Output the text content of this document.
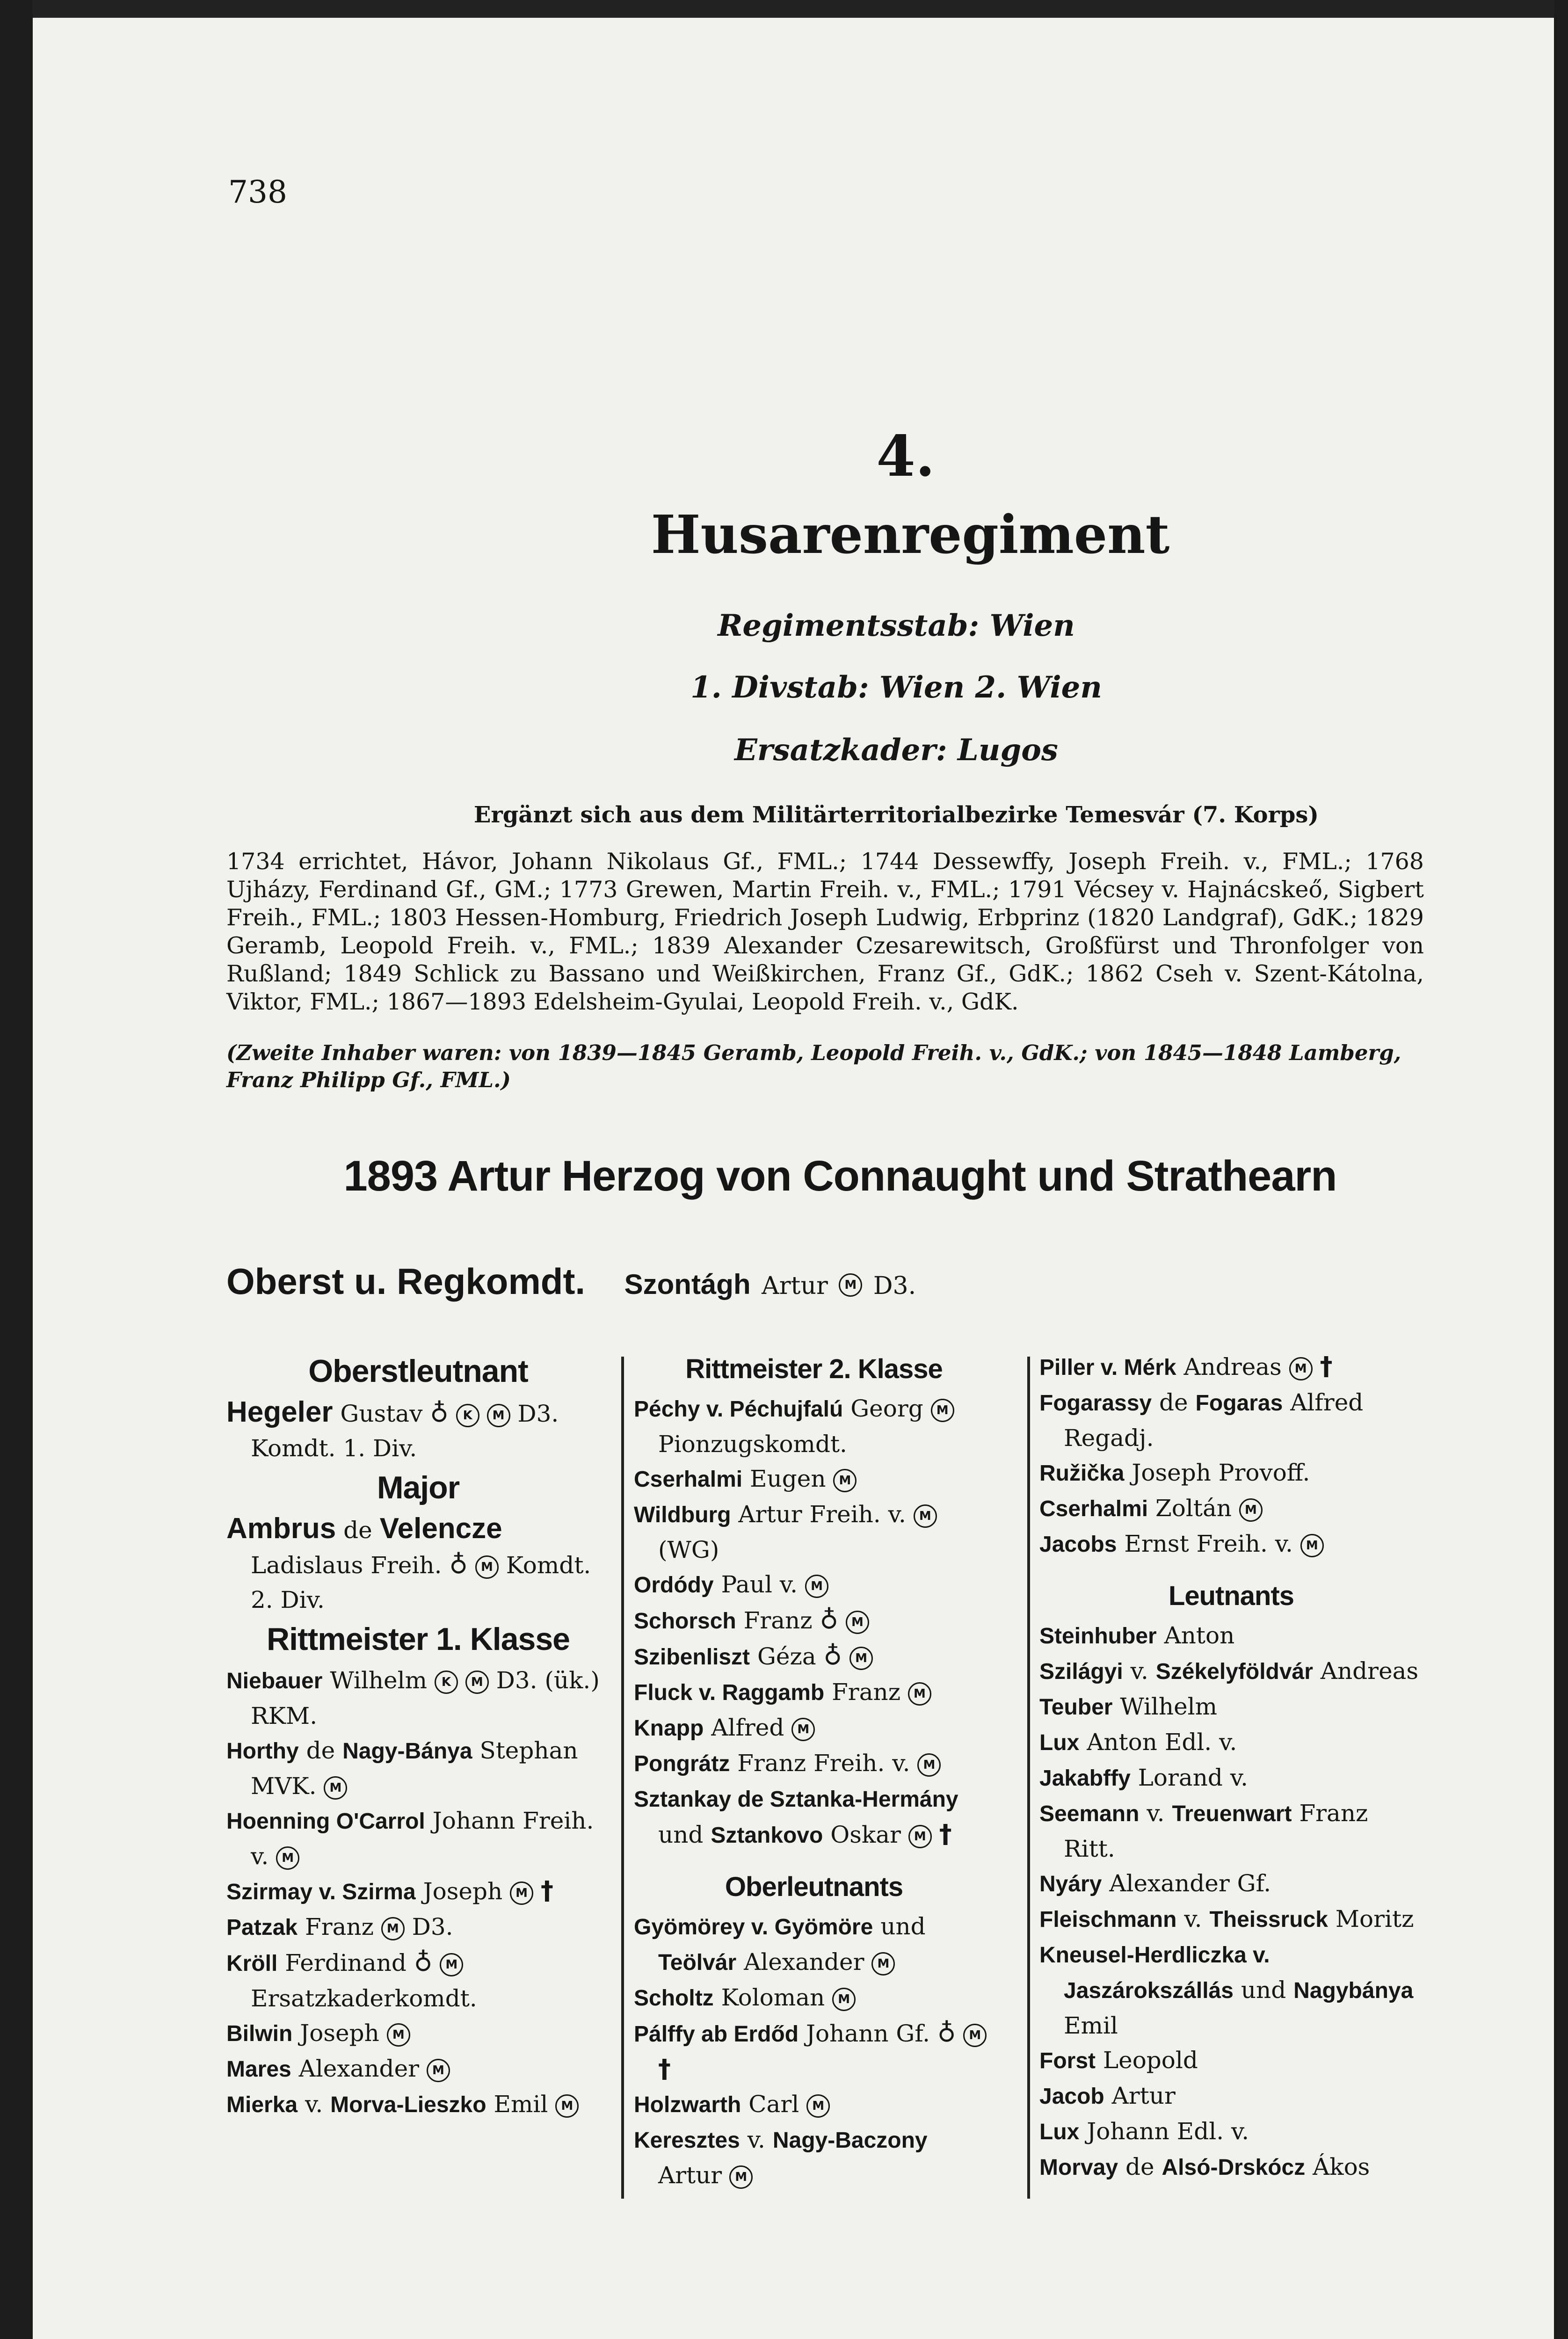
738
4.
Husarenregiment
Regimentsstab: Wien
1. Divstab: Wien 2. Wien
Ersatzkader: Lugos
Ergänzt sich aus dem Militärterritorialbezirke Temesvár (7. Korps)
1734 errichtet, Hávor, Johann Nikolaus Gf., FML.; 1744 Dessewffy, Joseph Freih. v., FML.; 1768 Ujházy, Ferdinand Gf., GM.; 1773 Grewen, Martin Freih. v., FML.; 1791 Vécsey v. Hajnácskeő, Sigbert Freih., FML.; 1803 Hessen-Homburg, Friedrich Joseph Ludwig, Erbprinz (1820 Landgraf), GdK.; 1829 Geramb, Leopold Freih. v., FML.; 1839 Alexander Czesarewitsch, Großfürst und Thronfolger von Rußland; 1849 Schlick zu Bassano und Weißkirchen, Franz Gf., GdK.; 1862 Cseh v. Szent-Kátolna, Viktor, FML.; 1867—1893 Edelsheim-Gyulai, Leopold Freih. v., GdK.
(Zweite Inhaber waren: von 1839—1845 Geramb, Leopold Freih. v., GdK.; von 1845—1848 Lamberg, Franz Philipp Gf., FML.)
1893 Artur Herzog von Connaught und Strathearn
Oberst u. Regkomdt. Szontágh Artur M D3.
Oberstleutnant
Hegeler Gustav ♁ K M D3. Komdt. 1. Div.
Major
Ambrus de Velencze Ladislaus Freih. ♁ M Komdt. 2. Div.
Rittmeister 1. Klasse
Niebauer Wilhelm K M D3. (ük.) RKM.
Horthy de Nagy-Bánya Stephan MVK. M
Hoenning O'Carrol Johann Freih. v. M
Szirmay v. Szirma Joseph M †
Patzak Franz M D3.
Kröll Ferdinand ♁ M Ersatzkaderkomdt.
Bilwin Joseph M
Mares Alexander M
Mierka v. Morva-Lieszko Emil M
Rittmeister 2. Klasse
Péchy v. Péchujfalú Georg M Pionzugskomdt.
Cserhalmi Eugen M
Wildburg Artur Freih. v. M (WG)
Ordódy Paul v. M
Schorsch Franz ♁ M
Szibenliszt Géza ♁ M
Fluck v. Raggamb Franz M
Knapp Alfred M
Pongrátz Franz Freih. v. M
Sztankay de Sztanka-Hermány und Sztankovo Oskar M †
Oberleutnants
Gyömörey v. Gyömöre und Teölvár Alexander M
Scholtz Koloman M
Pálffy ab Erdőd Johann Gf. ♁ M †
Holzwarth Carl M
Keresztes v. Nagy-Baczony Artur M
Piller v. Mérk Andreas M †
Fogarassy de Fogaras Alfred Regadj.
Ružička Joseph Provoff.
Cserhalmi Zoltán M
Jacobs Ernst Freih. v. M
Leutnants
Steinhuber Anton
Szilágyi v. Székelyföldvár Andreas
Teuber Wilhelm
Lux Anton Edl. v.
Jakabffy Lorand v.
Seemann v. Treuenwart Franz Ritt.
Nyáry Alexander Gf.
Fleischmann v. Theissruck Moritz
Kneusel-Herdliczka v. Jaszárokszállás und Nagybánya Emil
Forst Leopold
Jacob Artur
Lux Johann Edl. v.
Morvay de Alsó-Drskócz Ákos
